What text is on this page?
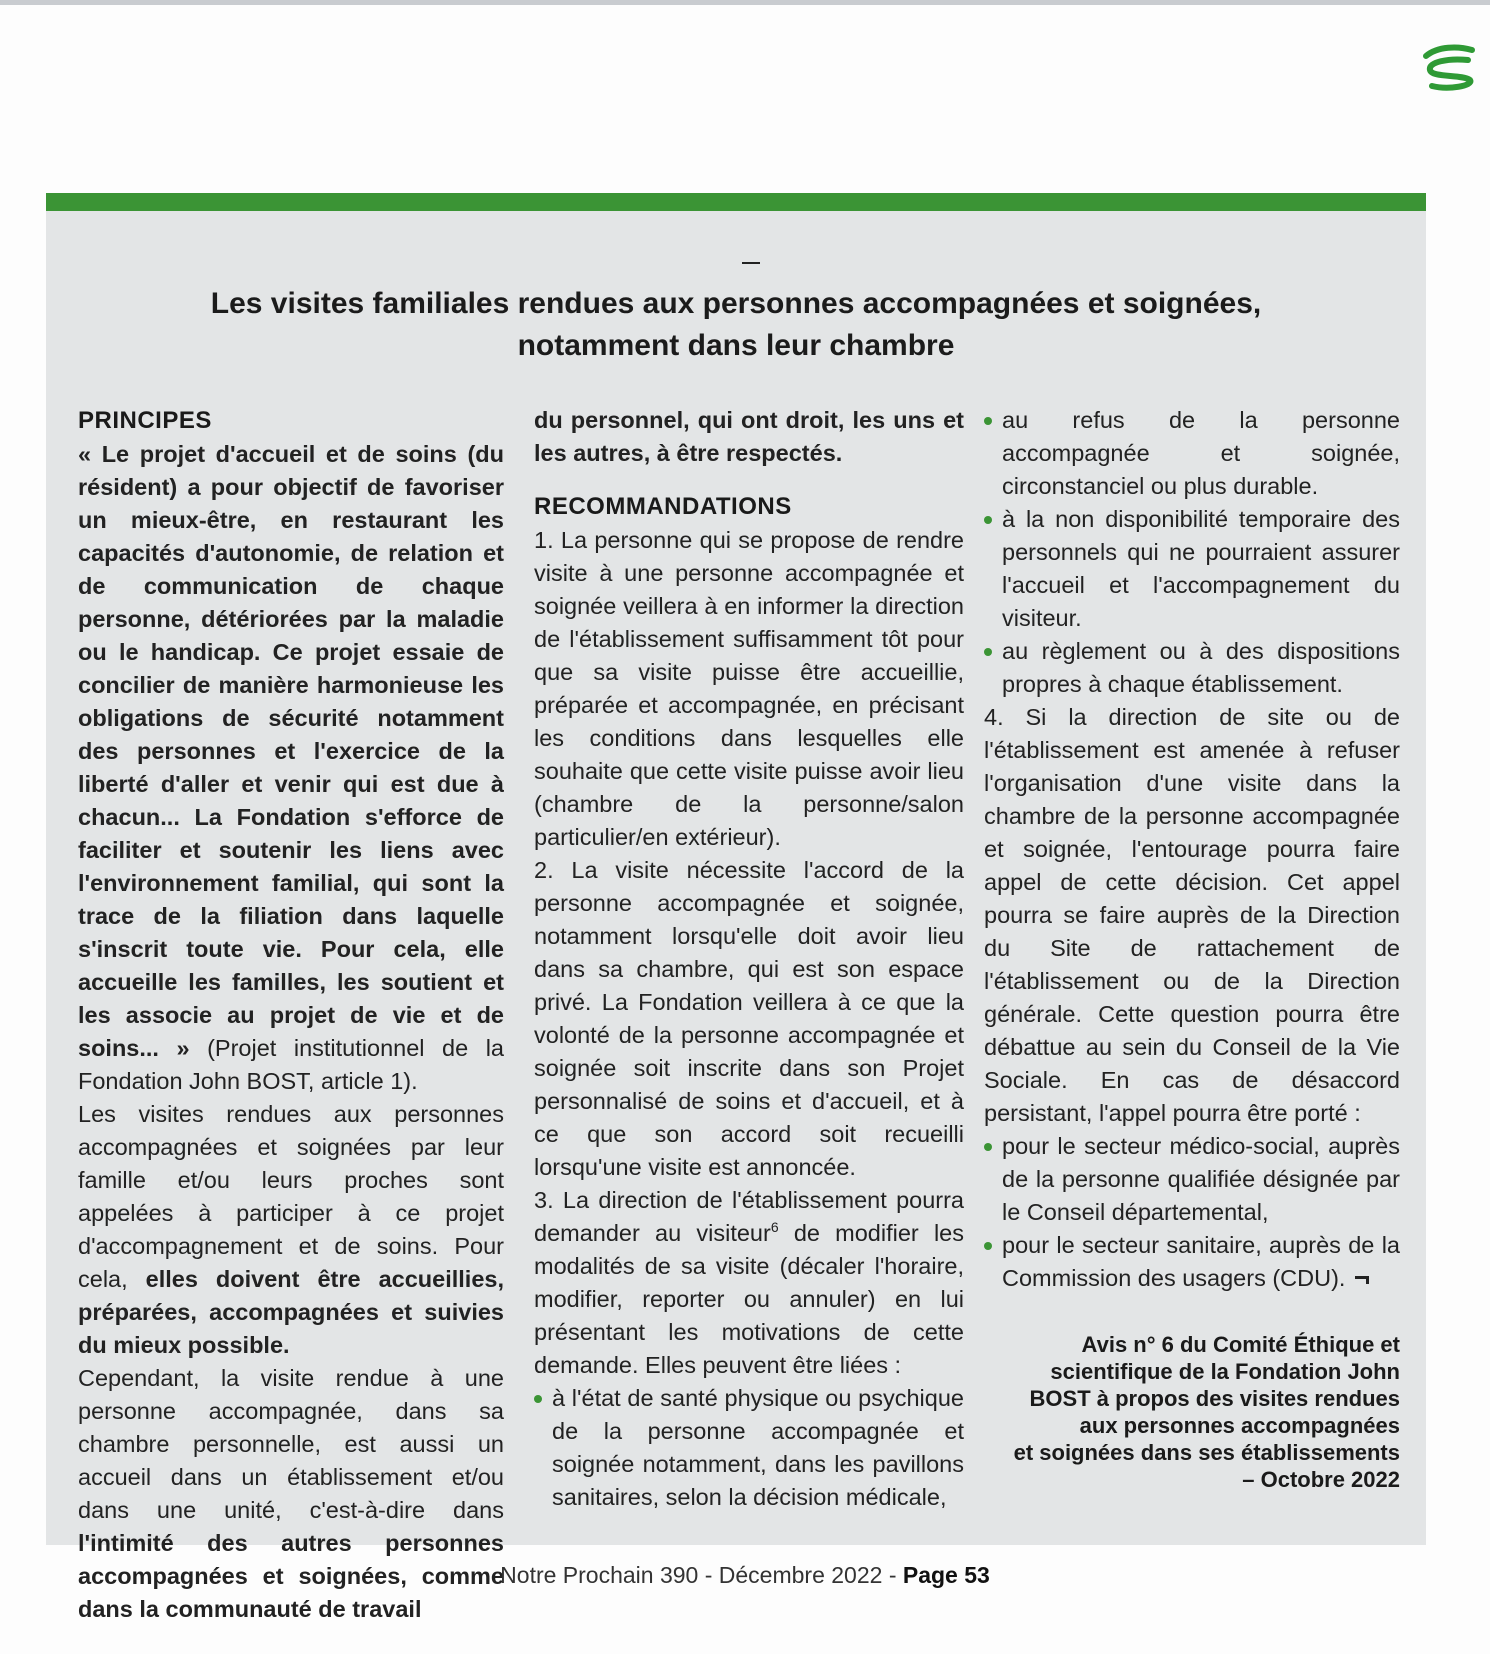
Les visites familiales rendues aux personnes accompagnées et soignées,
notamment dans leur chambre
PRINCIPES

« Le projet d'accueil et de soins (du résident) a pour objectif de favoriser un mieux-être, en restaurant les capacités d'autonomie, de relation et de communication de chaque personne, détériorées par la maladie ou le handicap. Ce projet essaie de concilier de manière harmonieuse les obligations de sécurité notamment des personnes et l'exercice de la liberté d'aller et venir qui est due à chacun... La Fondation s'efforce de faciliter et soutenir les liens avec l'environnement familial, qui sont la trace de la filiation dans laquelle s'inscrit toute vie. Pour cela, elle accueille les familles, les soutient et les associe au projet de vie et de soins... » (Projet institutionnel de la Fondation John BOST, article 1).

Les visites rendues aux personnes accompagnées et soignées par leur famille et/ou leurs proches sont appelées à participer à ce projet d'accompagnement et de soins. Pour cela, elles doivent être accueillies, préparées, accompagnées et suivies du mieux possible.

Cependant, la visite rendue à une personne accompagnée, dans sa chambre personnelle, est aussi un accueil dans un établissement et/ou dans une unité, c'est-à-dire dans l'intimité des autres personnes accompagnées et soignées, comme dans la communauté de travail

du personnel, qui ont droit, les uns et les autres, à être respectés.

RECOMMANDATIONS

1. La personne qui se propose de rendre visite à une personne accompagnée et soignée veillera à en informer la direction de l'établissement suffisamment tôt pour que sa visite puisse être accueillie, préparée et accompagnée, en précisant les conditions dans lesquelles elle souhaite que cette visite puisse avoir lieu (chambre de la personne/salon particulier/en extérieur).

2. La visite nécessite l'accord de la personne accompagnée et soignée, notamment lorsqu'elle doit avoir lieu dans sa chambre, qui est son espace privé. La Fondation veillera à ce que la volonté de la personne accompagnée et soignée soit inscrite dans son Projet personnalisé de soins et d'accueil, et à ce que son accord soit recueilli lorsqu'une visite est annoncée.

3. La direction de l'établissement pourra demander au visiteur$^6$ de modifier les modalités de sa visite (décaler l'horaire, modifier, reporter ou annuler) en lui présentant les motivations de cette demande. Elles peuvent être liées :

à l'état de santé physique ou psychique de la personne accompagnée et soignée notamment, dans les pavillons sanitaires, selon la décision médicale,
au refus de la personne accompagnée et soignée, circonstanciel ou plus durable.
à la non disponibilité temporaire des personnels qui ne pourraient assurer l'accueil et l'accompagnement du visiteur.
au règlement ou à des dispositions propres à chaque établissement.

4. Si la direction de site ou de l'établissement est amenée à refuser l'organisation d'une visite dans la chambre de la personne accompagnée et soignée, l'entourage pourra faire appel de cette décision. Cet appel pourra se faire auprès de la Direction du Site de rattachement de l'établissement ou de la Direction générale. Cette question pourra être débattue au sein du Conseil de la Vie Sociale. En cas de désaccord persistant, l'appel pourra être porté :

pour le secteur médico-social, auprès de la personne qualifiée désignée par le Conseil départemental,
pour le secteur sanitaire, auprès de la Commission des usagers (CDU).
Avis n° 6 du Comité Éthique et
scientifique de la Fondation John
BOST à propos des visites rendues
aux personnes accompagnées
et soignées dans ses établissements
– Octobre 2022
Notre Prochain 390 - Décembre 2022 - Page 53
